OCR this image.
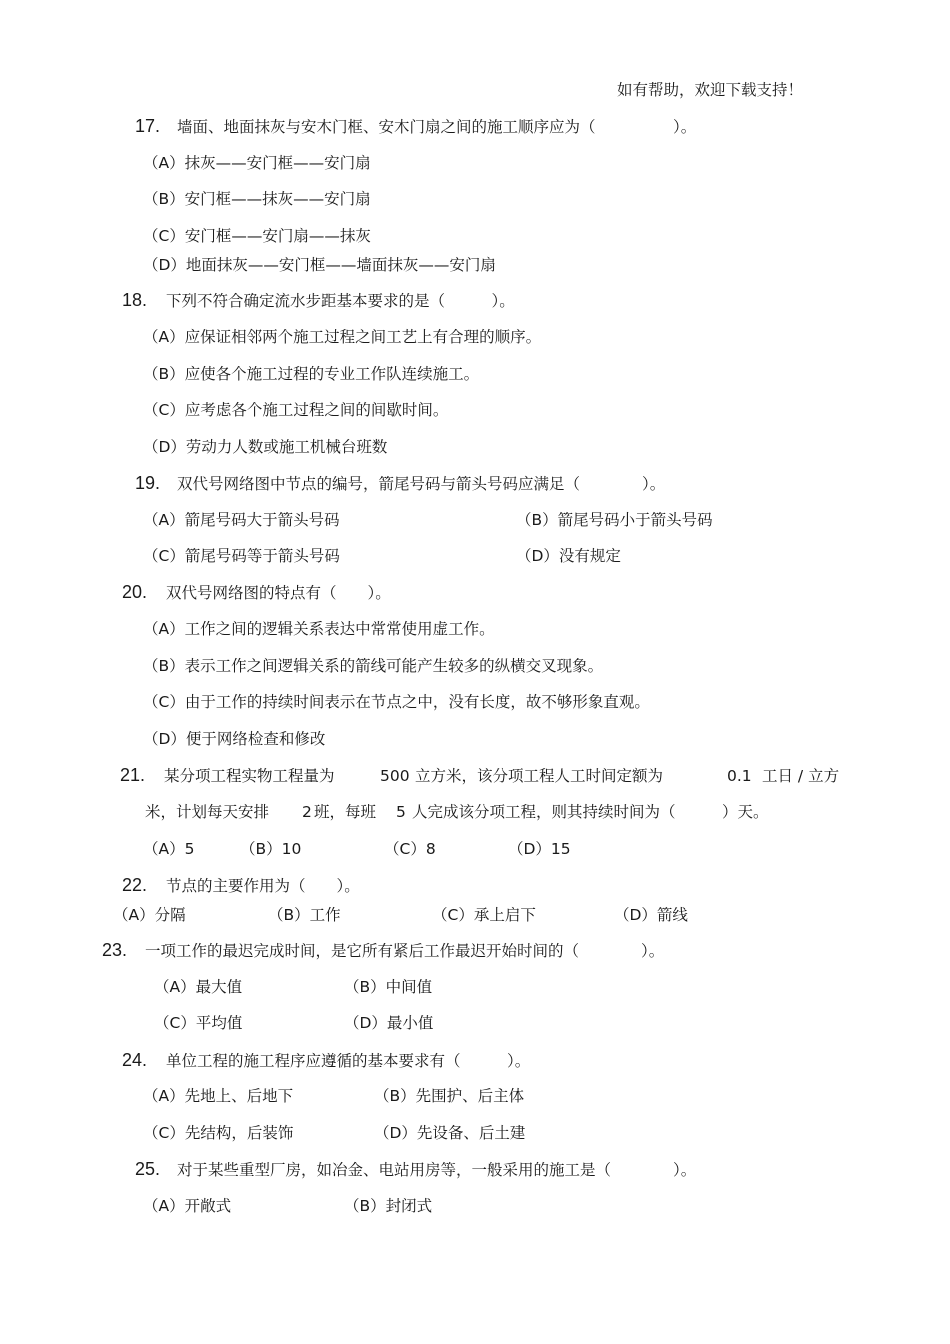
如有帮助，欢迎下载支持！
17. 墙面、地面抹灰与安木门框、安木门扇之间的施工顺序应为（　　　　　）。
（A）抹灰——安门框——安门扇
（B）安门框——抹灰——安门扇
（C）安门框——安门扇——抹灰
（D）地面抹灰——安门框——墙面抹灰——安门扇
18. 下列不符合确定流水步距基本要求的是（　　　）。
（A）应保证相邻两个施工过程之间工艺上有合理的顺序。
（B）应使各个施工过程的专业工作队连续施工。
（C）应考虑各个施工过程之间的间歇时间。
（D）劳动力人数或施工机械台班数
19. 双代号网络图中节点的编号，箭尾号码与箭头号码应满足（　　　　）。
（A）箭尾号码大于箭头号码	（B）箭尾号码小于箭头号码
（C）箭尾号码等于箭头号码	（D）没有规定
20. 双代号网络图的特点有（　　）。
（A）工作之间的逻辑关系表达中常常使用虚工作。
（B）表示工作之间逻辑关系的箭线可能产生较多的纵横交叉现象。
（C）由于工作的持续时间表示在节点之中，没有长度，故不够形象直观。
（D）便于网络检查和修改
21. 某分项工程实物工程量为	500 立方米，该分项工程人工时间定额为	0.1 工日 / 立方
米，计划每天安排 2 班，每班 5 人完成该分项工程，则其持续时间为（　　　）天。
（A）5	（B）10	（C）8	（D）15
22. 节点的主要作用为（　　）。
（A）分隔	（B）工作	（C）承上启下	（D）箭线
23. 一项工作的最迟完成时间，是它所有紧后工作最迟开始时间的（　　　　）。
（A）最大值	（B）中间值
（C）平均值	（D）最小值
24. 单位工程的施工程序应遵循的基本要求有（　　　）。
（A）先地上、后地下	（B）先围护、后主体
（C）先结构，后装饰	（D）先设备、后土建
25. 对于某些重型厂房，如冶金、电站用房等，一般采用的施工是（　　　　）。
（A）开敞式	（B）封闭式
